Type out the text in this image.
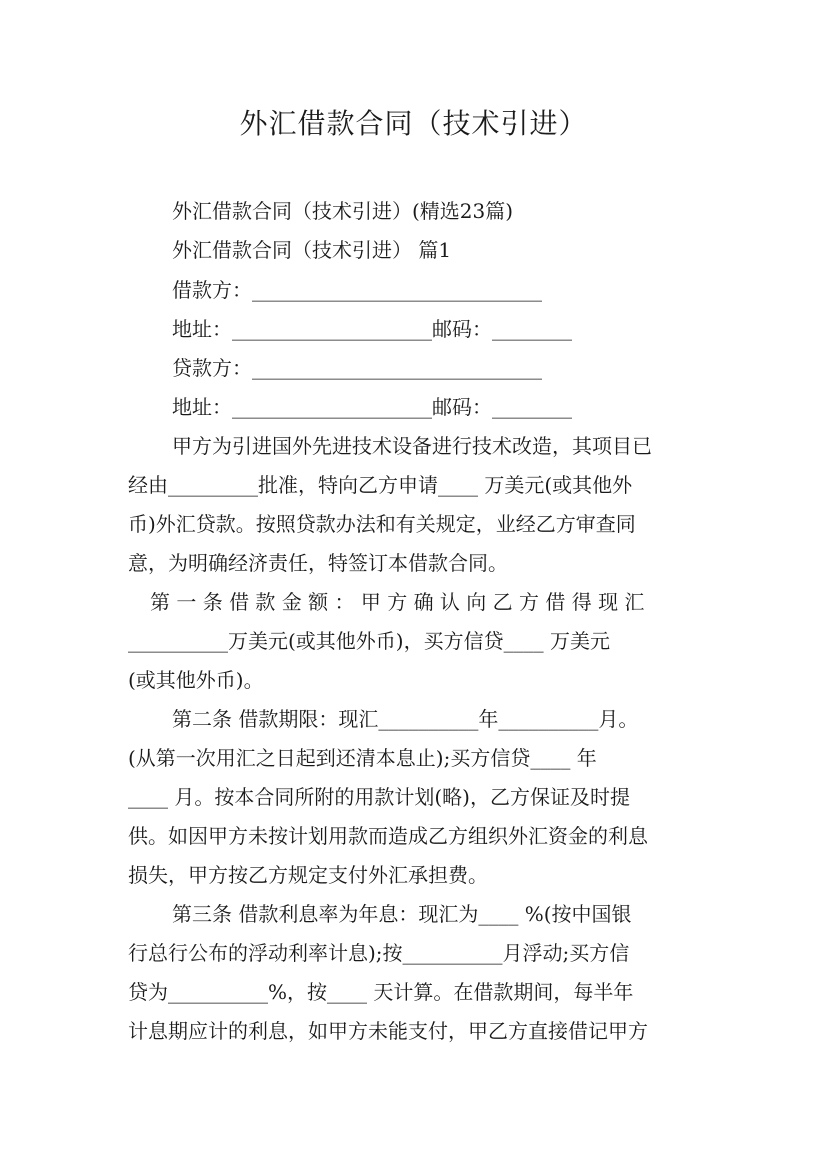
外汇借款合同（技术引进）

外汇借款合同（技术引进）(精选23篇)

外汇借款合同（技术引进） 篇1

借款方：_____________________________

地址：____________________邮码：________

贷款方：_____________________________

地址：____________________邮码：________

甲方为引进国外先进技术设备进行技术改造，其项目已

经由_________批准，特向乙方申请____ 万美元(或其他外

币)外汇贷款。按照贷款办法和有关规定，业经乙方审查同

意，为明确经济责任，特签订本借款合同。

第 一 条 借 款 金 额 ： 甲 方 确 认 向 乙 方 借 得 现 汇

__________万美元(或其他外币)，买方信贷____ 万美元

(或其他外币)。

第二条 借款期限：现汇__________年__________月。

(从第一次用汇之日起到还清本息止);买方信贷____ 年

____ 月。按本合同所附的用款计划(略)，乙方保证及时提

供。如因甲方未按计划用款而造成乙方组织外汇资金的利息

损失，甲方按乙方规定支付外汇承担费。

第三条 借款利息率为年息：现汇为____ %(按中国银

行总行公布的浮动利率计息);按__________月浮动;买方信

贷为__________%，按____ 天计算。在借款期间，每半年

计息期应计的利息，如甲方未能支付，甲乙方直接借记甲方
